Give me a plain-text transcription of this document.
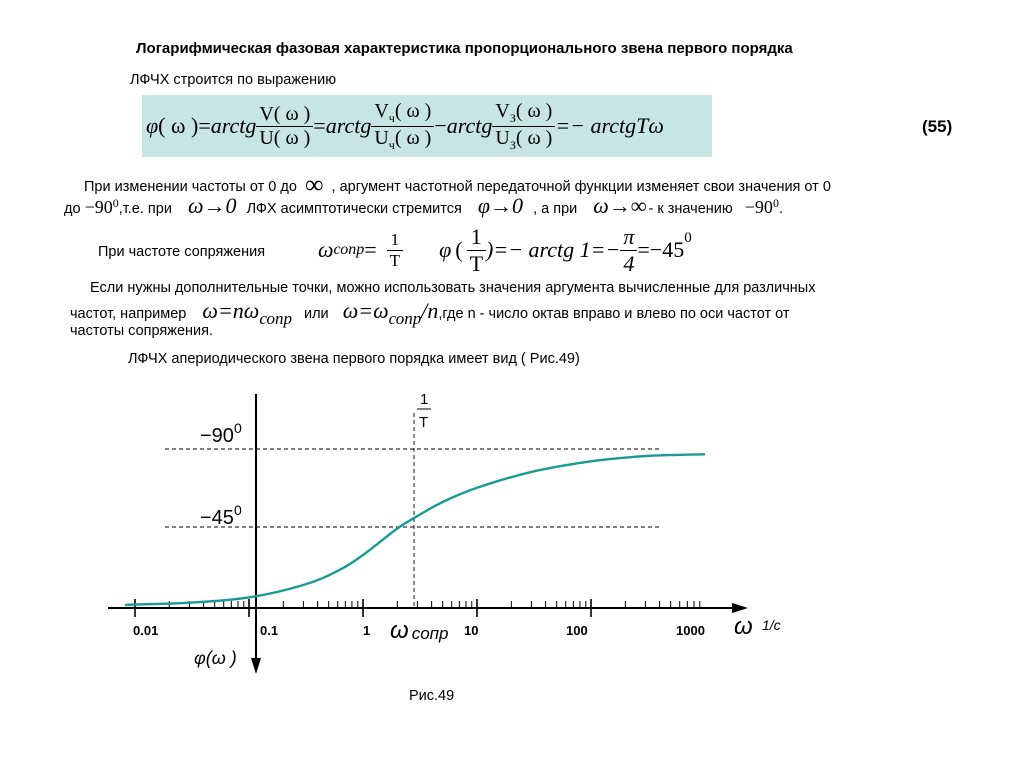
Логарифмическая фазовая характеристика пропорционального звена первого порядка
ЛФЧХ строится по выражению
φ ( ω ) = arctg $\frac{V( \omega )}{U( \omega )}$ = arctg $\frac{V_ч( \omega )}{U_ч( \omega )}$ − arctg $\frac{V_З( \omega )}{U_З( \omega )}$ =− arctgTω	(55)
При изменении частоты от 0 до ∞ , аргумент частотной передаточной функции изменяет свои значения от 0
до $-90^0,т.е$. при ω→0 ЛФХ асимптотически стремится φ→0 , а при ω→∞ - к значению $-90^0$.
При частоте сопряжения ω сопр = $\frac{1}{T}$ φ ( $\frac{1}{T}$ )=− arctg $1=- \frac{\pi}{4} =-45$ 0
Если нужны дополнительные точки, можно использовать значения аргумента вычисленные для различных
частот, например ω=nωсопр или ω=ωсопр/n,где n - число октав вправо и влево по оси частот от
частоты сопряжения.
ЛФЧХ апериодического звена первого порядка имеет вид ( Рис.49)
$-90^0$
$-45^0$
1
T
ω 1/с
ω сопр
φ(ω )
0.01	0.1	1	10	100	1000
Рис.49
